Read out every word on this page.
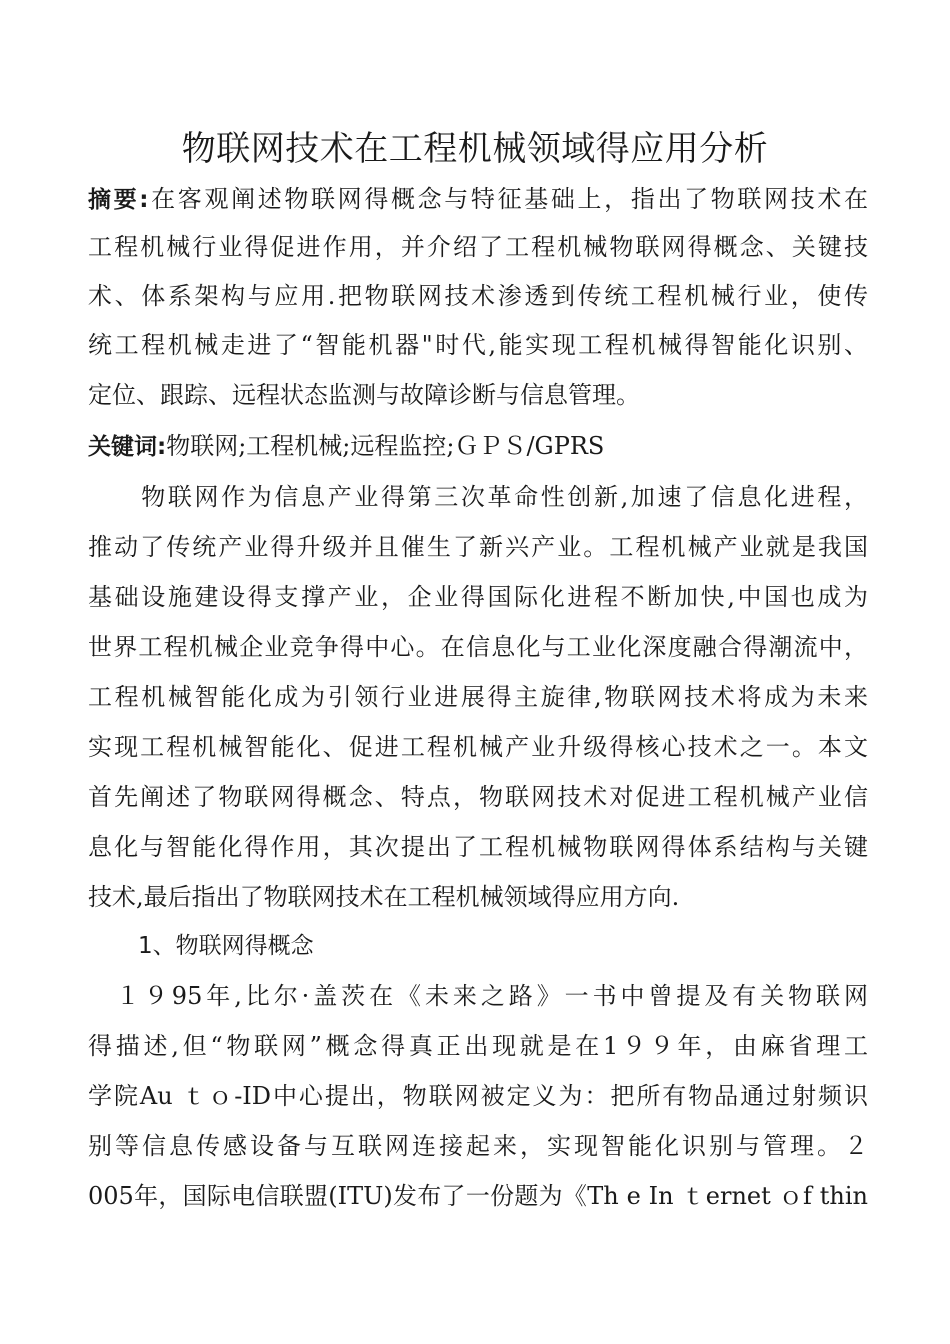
物联网技术在工程机械领域得应用分析
摘要:在客观阐述物联网得概念与特征基础上，指出了物联网技术在
工程机械行业得促进作用，并介绍了工程机械物联网得概念、关键技
术、体系架构与应用.把物联网技术渗透到传统工程机械行业，使传
统工程机械走进了“智能机器"时代,能实现工程机械得智能化识别、
定位、跟踪、远程状态监测与故障诊断与信息管理。
关键词:物联网;工程机械;远程监控;ＧＰＳ/GPRS
　　物联网作为信息产业得第三次革命性创新,加速了信息化进程，
推动了传统产业得升级并且催生了新兴产业。工程机械产业就是我国
基础设施建设得支撑产业，企业得国际化进程不断加快,中国也成为
世界工程机械企业竞争得中心。在信息化与工业化深度融合得潮流中，
工程机械智能化成为引领行业进展得主旋律,物联网技术将成为未来
实现工程机械智能化、促进工程机械产业升级得核心技术之一。本文
首先阐述了物联网得概念、特点，物联网技术对促进工程机械产业信
息化与智能化得作用，其次提出了工程机械物联网得体系结构与关键
技术,最后指出了物联网技术在工程机械领域得应用方向.
1、物联网得概念
　１９95年,比尔·盖茨在《未来之路》一书中曾提及有关物联网
得描述,但“物联网”概念得真正出现就是在1９９年，由麻省理工
学院Au ｔｏ-ID中心提出，物联网被定义为：把所有物品通过射频识
别等信息传感设备与互联网连接起来，实现智能化识别与管理。２
005年，国际电信联盟(ITU)发布了一份题为《Th e In ｔernet ｏf thin
